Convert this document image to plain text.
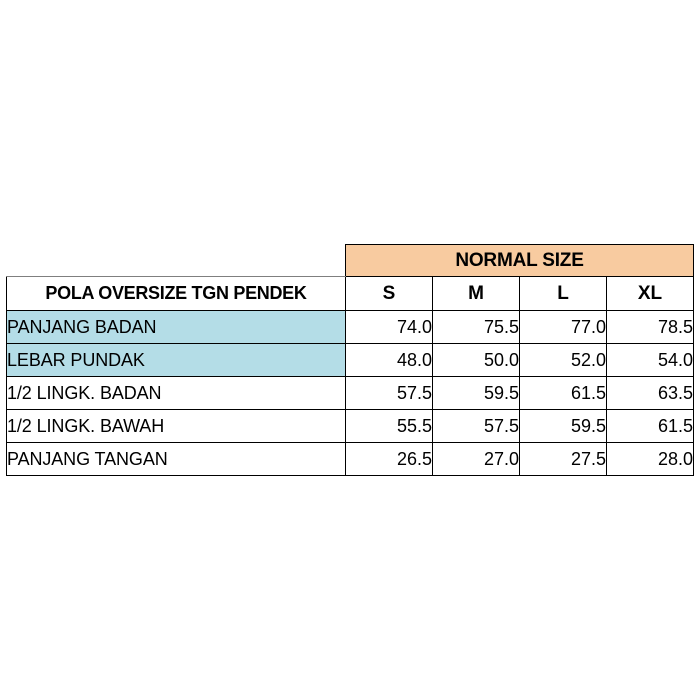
	NORMAL SIZE			
POLA OVERSIZE TGN PENDEK	S	M	L	XL
PANJANG BADAN	74.0	75.5	77.0	78.5
LEBAR PUNDAK	48.0	50.0	52.0	54.0
1/2 LINGK. BADAN	57.5	59.5	61.5	63.5
1/2 LINGK. BAWAH	55.5	57.5	59.5	61.5
PANJANG TANGAN	26.5	27.0	27.5	28.0
